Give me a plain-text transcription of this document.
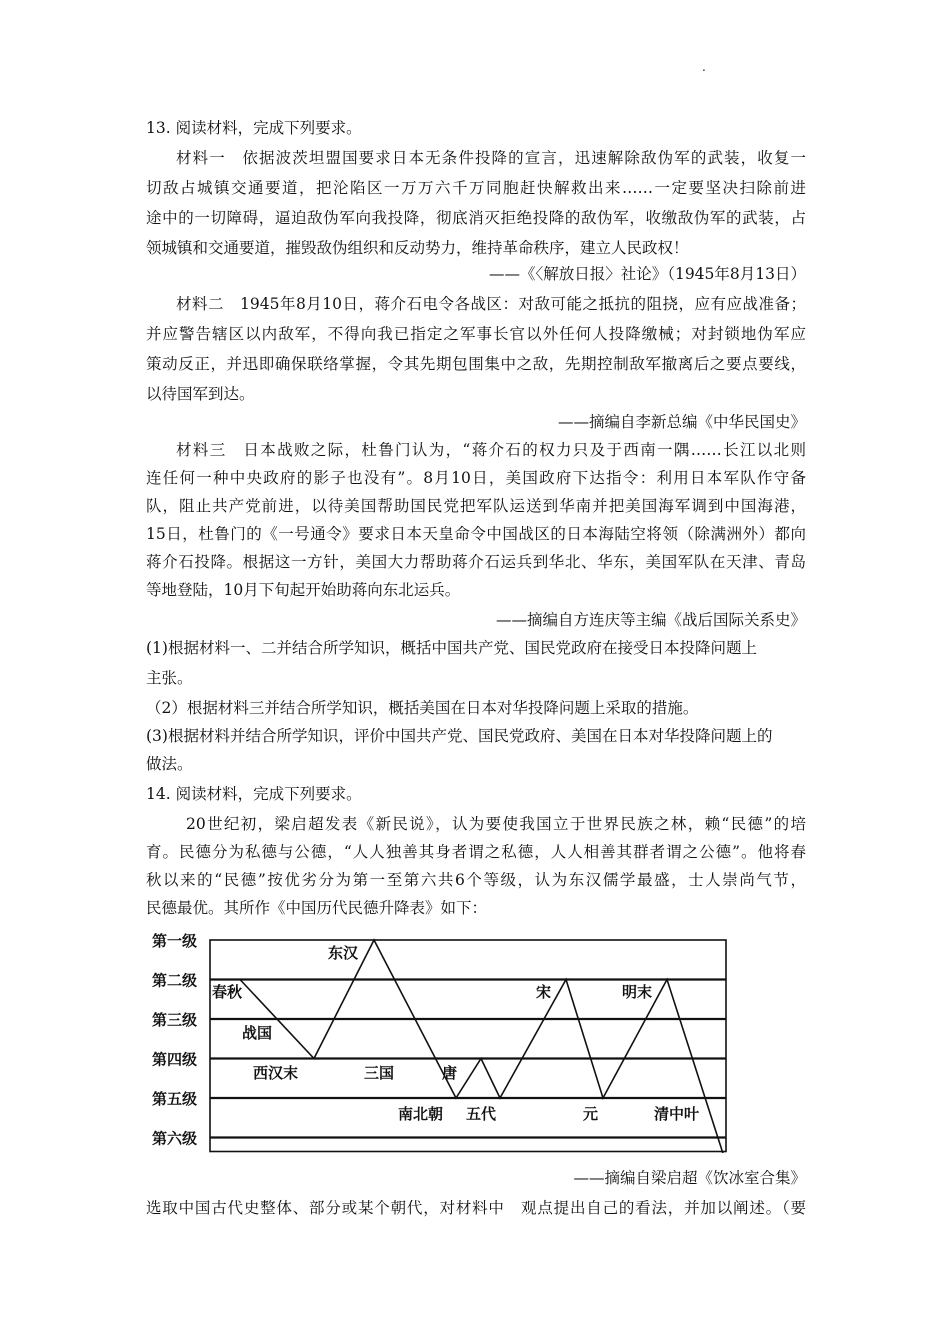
.
13. 阅读材料，完成下列要求。
材料一　依据波茨坦盟国要求日本无条件投降的宣言，迅速解除敌伪军的武装，收复一
切敌占城镇交通要道，把沦陷区一万万六千万同胞赶快解救出来……一定要坚决扫除前进
途中的一切障碍，逼迫敌伪军向我投降，彻底消灭拒绝投降的敌伪军，收缴敌伪军的武装，占
领城镇和交通要道，摧毁敌伪组织和反动势力，维持革命秩序，建立人民政权！
——《〈解放日报〉社论》（1945年8月13日）
材料二　1945年8月10日，蒋介石电令各战区：对敌可能之抵抗的阻挠，应有应战准备；
并应警告辖区以内敌军，不得向我已指定之军事长官以外任何人投降缴械；对封锁地伪军应
策动反正，并迅即确保联络掌握，令其先期包围集中之敌，先期控制敌军撤离后之要点要线，
以待国军到达。
——摘编自李新总编《中华民国史》
材料三　日本战败之际，杜鲁门认为，“蒋介石的权力只及于西南一隅……长江以北则
连任何一种中央政府的影子也没有”。8月10日，美国政府下达指令：利用日本军队作守备
队，阻止共产党前进，以待美国帮助国民党把军队运送到华南并把美国海军调到中国海港，
15日，杜鲁门的《一号通令》要求日本天皇命令中国战区的日本海陆空将领（除满洲外）都向
蒋介石投降。根据这一方针，美国大力帮助蒋介石运兵到华北、华东，美国军队在天津、青岛
等地登陆，10月下旬起开始助蒋向东北运兵。
——摘编自方连庆等主编《战后国际关系史》
(1)根据材料一、二并结合所学知识，概括中国共产党、国民党政府在接受日本投降问题上
主张。
（2）根据材料三并结合所学知识，概括美国在日本对华投降问题上采取的措施。
(3)根据材料并结合所学知识，评价中国共产党、国民党政府、美国在日本对华投降问题上的
做法。
14. 阅读材料，完成下列要求。
20世纪初，梁启超发表《新民说》，认为要使我国立于世界民族之林，赖“民德”的培
育。民德分为私德与公德，“人人独善其身者谓之私德，人人相善其群者谓之公德”。他将春
秋以来的“民德”按优劣分为第一至第六共6个等级，认为东汉儒学最盛，士人崇尚气节，
民德最优。其所作《中国历代民德升降表》如下：
第一级
第二级
第三级
第四级
第五级
第六级
春秋
战国
西汉末	三国
东汉
南北朝
唐
五代
宋
元
明末
清中叶
——摘编自梁启超《饮冰室合集》
选取中国古代史整体、部分或某个朝代，对材料中　观点提出自己的看法，并加以阐述。（要
